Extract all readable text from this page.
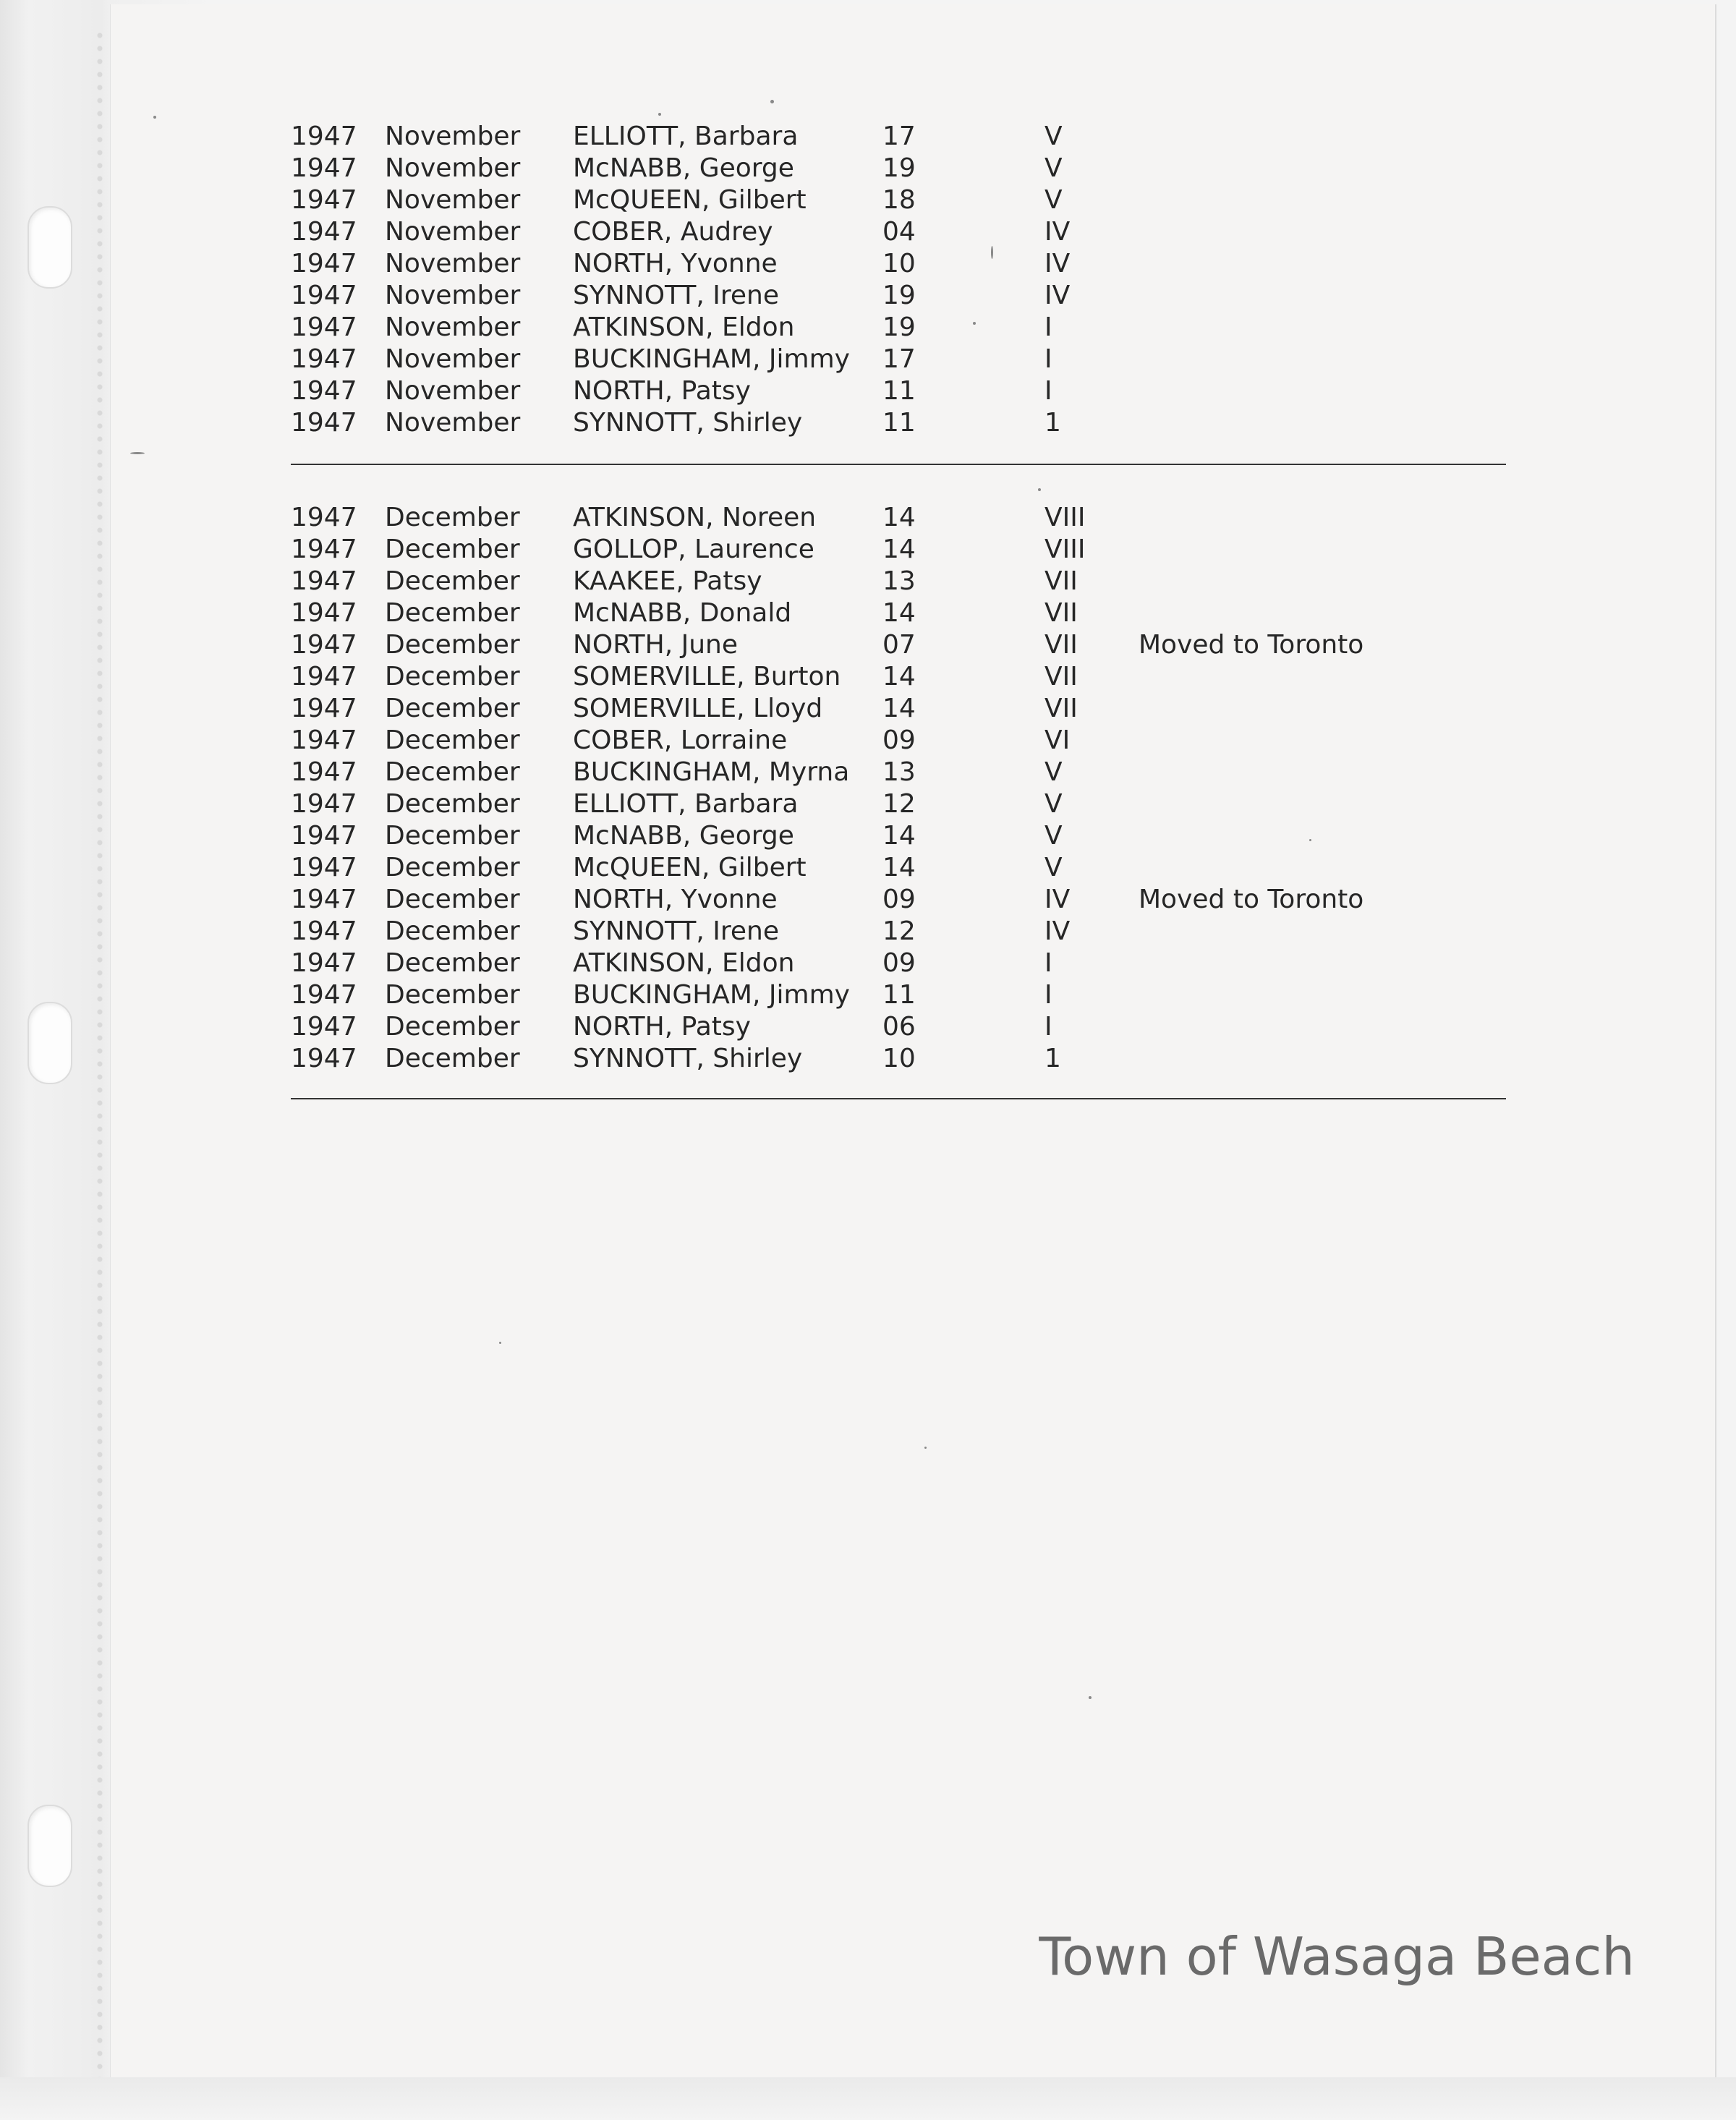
1947 November ELLIOTT, Barbara	17	V
1947 November McNABB, George	19	V
1947 November McQUEEN, Gilbert	18	V
1947 November COBER, Audrey	04	IV
1947 November NORTH, Yvonne	10	IV
1947 November SYNNOTT, Irene	19	IV
1947 November ATKINSON, Eldon	19	I
1947 November BUCKINGHAM, Jimmy 17	I
1947 November NORTH, Patsy	11	I
1947 November SYNNOTT, Shirley	11	1
1947 December ATKINSON, Noreen	14	VIII
1947 December GOLLOP, Laurence	14	VIII
1947 December KAAKEE, Patsy	13	VII
1947 December McNABB, Donald	14	VII
1947 December NORTH, June	07	VII Moved to Toronto
1947 December SOMERVILLE, Burton 14	VII
1947 December SOMERVILLE, Lloyd 14	VII
1947 December COBER, Lorraine	09	VI
1947 December BUCKINGHAM, Myrna 13	V
1947 December ELLIOTT, Barbara	12	V
1947 December McNABB, George	14	V
1947 December McQUEEN, Gilbert	14	V
1947 December NORTH, Yvonne	09	IV	Moved to Toronto
1947 December SYNNOTT, Irene	12	IV
1947 December ATKINSON, Eldon	09	I
1947 December BUCKINGHAM, Jimmy 11	I
1947 December NORTH, Patsy	06	I
1947 December SYNNOTT, Shirley	10	1
Town of Wasaga Beach
